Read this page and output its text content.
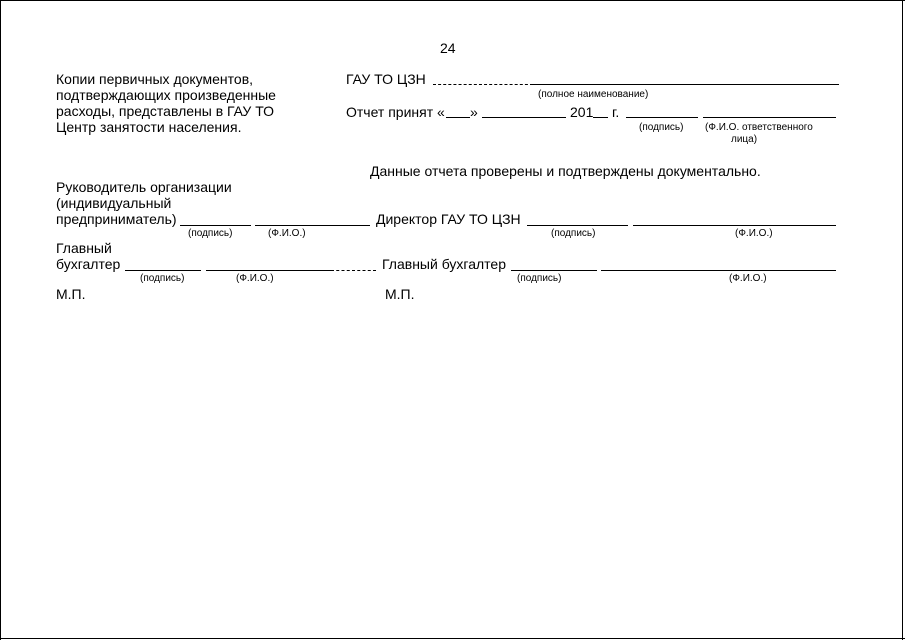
24
Копии первичных документов,
подтверждающих произведенные
расходы, представлены в ГАУ ТО
Центр занятости населения.
ГАУ ТО ЦЗН
(полное наименование)
Отчет принят « »	201 г.
(подпись) (Ф.И.О. ответственного
лица)
Данные отчета проверены и подтверждены документально.
Руководитель организации
(индивидуальный
предприниматель)
(подпись)	(Ф.И.О.)
Директор ГАУ ТО ЦЗН
(подпись)	(Ф.И.О.)
Главный
бухгалтер
(подпись)	(Ф.И.О.)
Главный бухгалтер
(подпись)	(Ф.И.О.)
М.П.	М.П.
